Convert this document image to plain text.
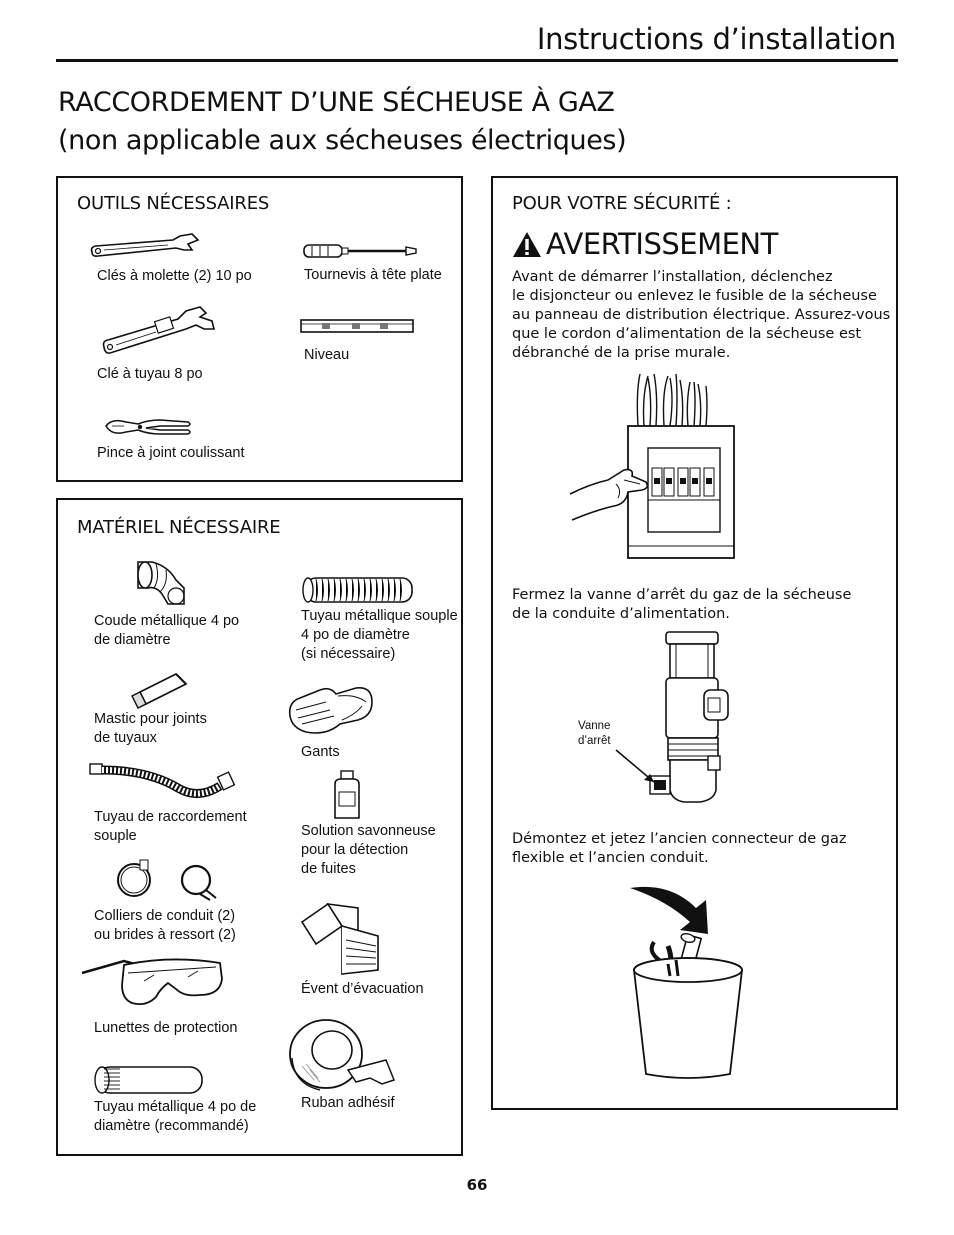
Instructions d’installation
RACCORDEMENT D’UNE SÉCHEUSE À GAZ
(non applicable aux sécheuses électriques)
OUTILS NÉCESSAIRES
Clés à molette (2) 10 po	Tournevis à tête plate
Niveau
Clé à tuyau 8 po
Pince à joint coulissant
MATÉRIEL NÉCESSAIRE
Coude métallique 4 po
de diamètre
Tuyau métallique souple
4 po de diamètre
(si nécessaire)
Mastic pour joints
de tuyaux
Gants
Tuyau de raccordement
souple	Solution savonneuse
pour la détection
de fuites
Colliers de conduit (2)
ou brides à ressort (2)
Évent d’évacuation
Lunettes de protection
Ruban adhésif
Tuyau métallique 4 po de
diamètre (recommandé)
POUR VOTRE SÉCURITÉ :
AVERTISSEMENT
Avant de démarrer l’installation, déclenchez
le disjoncteur ou enlevez le fusible de la sécheuse
au panneau de distribution électrique. Assurez-vous
que le cordon d’alimentation de la sécheuse est
débranché de la prise murale.
Fermez la vanne d’arrêt du gaz de la sécheuse
de la conduite d’alimentation.
Vanne
d’arrêt
Démontez et jetez l’ancien connecteur de gaz
flexible et l’ancien conduit.
66
